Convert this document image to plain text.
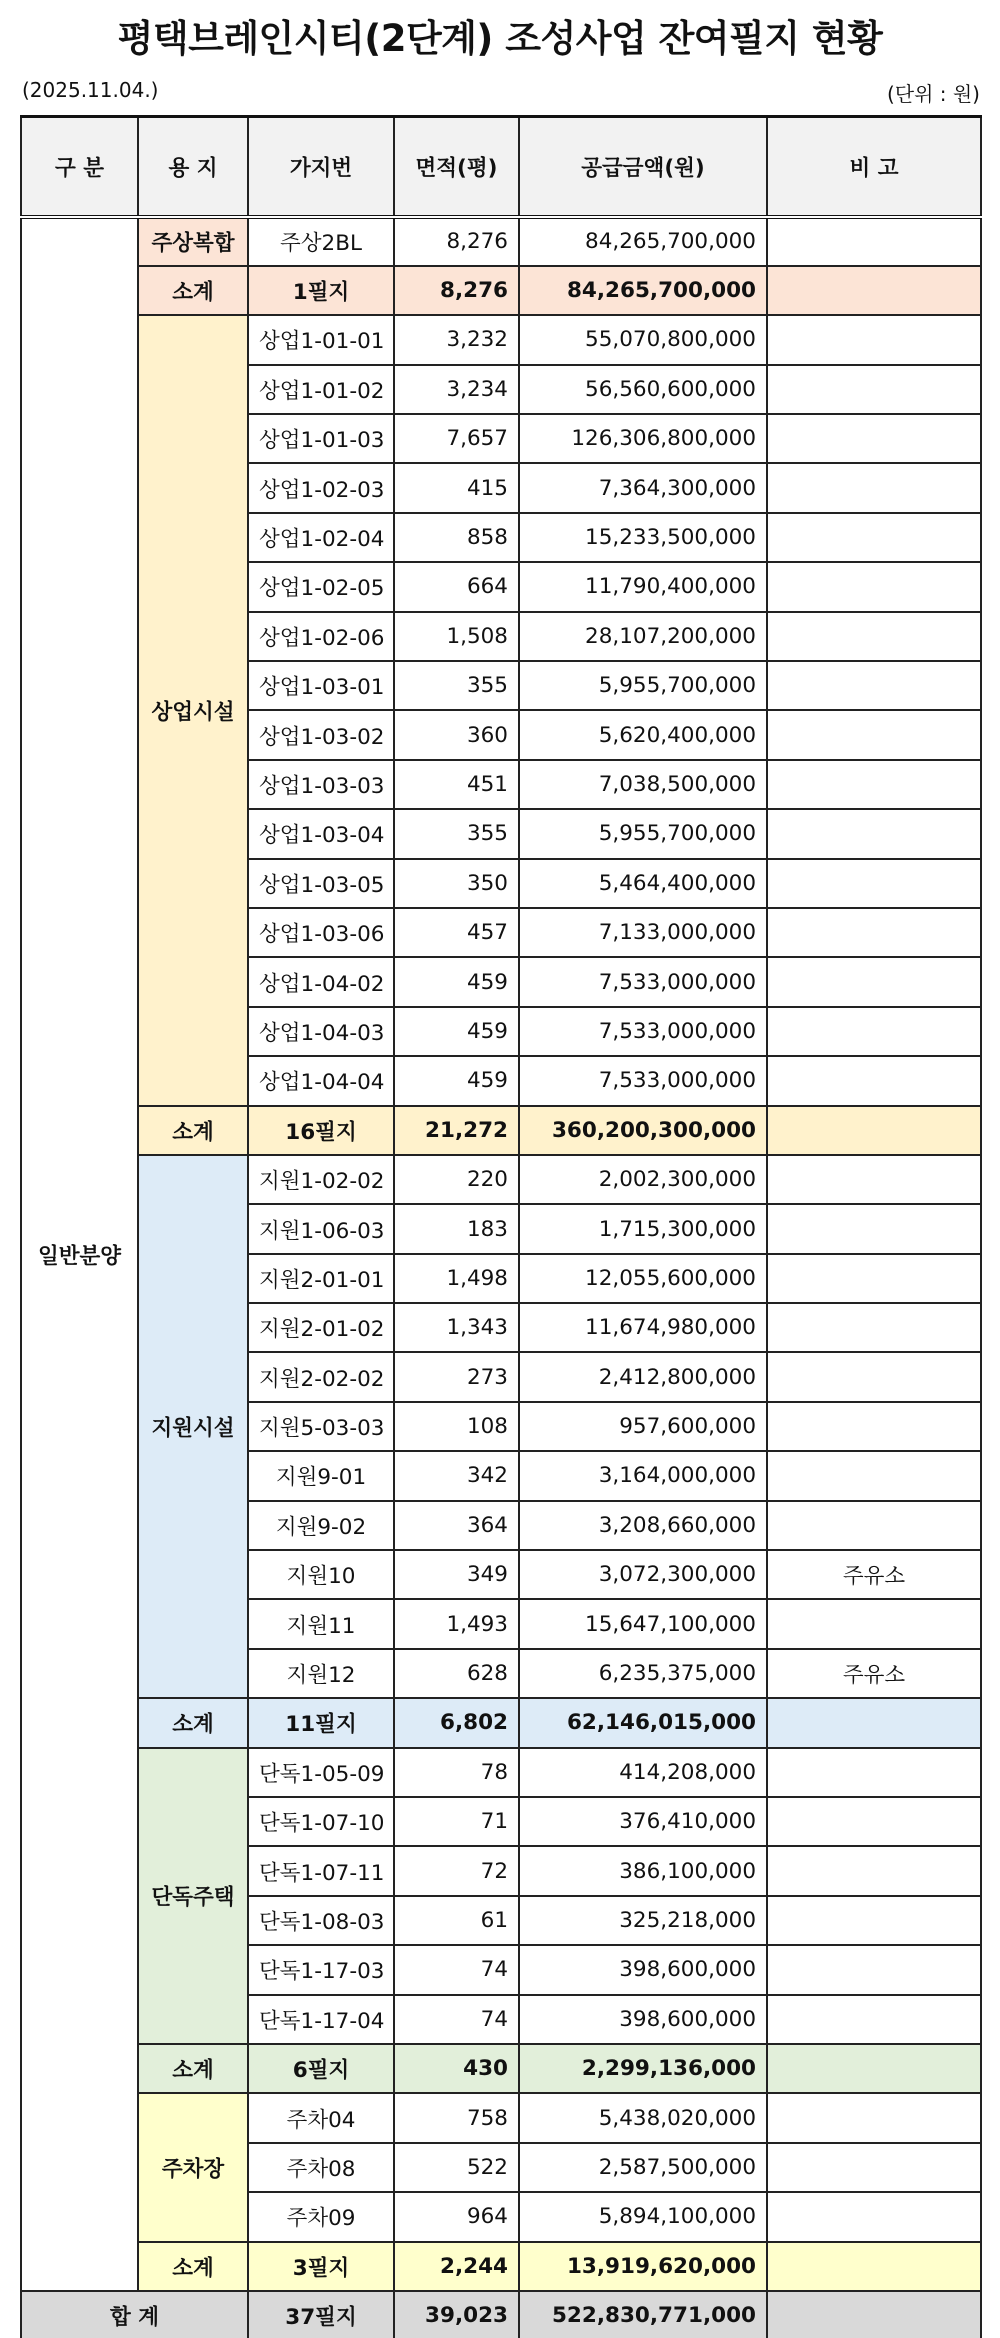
평택브레인시티(2단계) 조성사업 잔여필지 현황
(2025.11.04.)	(단위 : 원)
구 분	용 지	가지번	면적(평)	공급금액(원)	비 고
일반분양	주상복합	주상2BL	8,276	84,265,700,000	
	소계	1필지	8,276	84,265,700,000	
	상업시설	상업1-01-01	3,232	55,070,800,000	
		상업1-01-02	3,234	56,560,600,000	
		상업1-01-03	7,657	126,306,800,000	
		상업1-02-03	415	7,364,300,000	
		상업1-02-04	858	15,233,500,000	
		상업1-02-05	664	11,790,400,000	
		상업1-02-06	1,508	28,107,200,000	
		상업1-03-01	355	5,955,700,000	
		상업1-03-02	360	5,620,400,000	
		상업1-03-03	451	7,038,500,000	
		상업1-03-04	355	5,955,700,000	
		상업1-03-05	350	5,464,400,000	
		상업1-03-06	457	7,133,000,000	
		상업1-04-02	459	7,533,000,000	
		상업1-04-03	459	7,533,000,000	
		상업1-04-04	459	7,533,000,000	
	소계	16필지	21,272	360,200,300,000	
	지원시설	지원1-02-02	220	2,002,300,000	
		지원1-06-03	183	1,715,300,000	
		지원2-01-01	1,498	12,055,600,000	
		지원2-01-02	1,343	11,674,980,000	
		지원2-02-02	273	2,412,800,000	
		지원5-03-03	108	957,600,000	
		지원9-01	342	3,164,000,000	
		지원9-02	364	3,208,660,000	
		지원10	349	3,072,300,000	주유소
		지원11	1,493	15,647,100,000	
		지원12	628	6,235,375,000	주유소
	소계	11필지	6,802	62,146,015,000	
	단독주택	단독1-05-09	78	414,208,000	
		단독1-07-10	71	376,410,000	
		단독1-07-11	72	386,100,000	
		단독1-08-03	61	325,218,000	
		단독1-17-03	74	398,600,000	
		단독1-17-04	74	398,600,000	
	소계	6필지	430	2,299,136,000	
	주차장	주차04	758	5,438,020,000	
		주차08	522	2,587,500,000	
		주차09	964	5,894,100,000	
	소계	3필지	2,244	13,919,620,000	
합 계		37필지	39,023	522,830,771,000	
